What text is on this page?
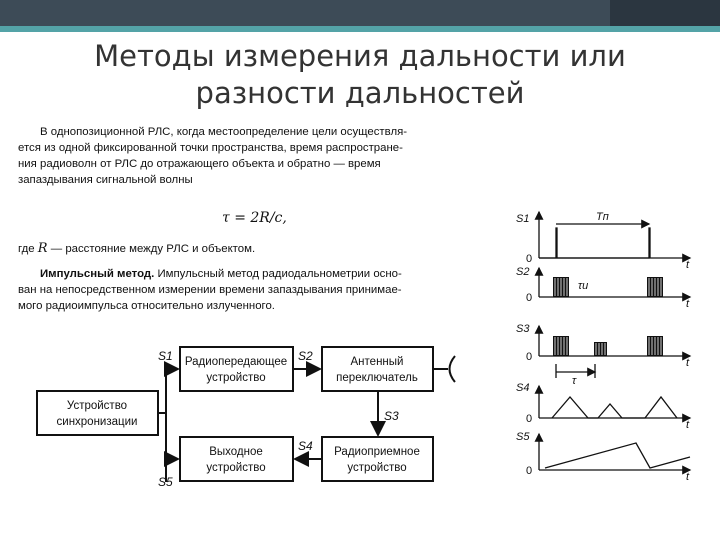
Методы измерения дальности или
разности дальностей
В однопозиционной РЛС, когда местоопределение цели осуществля-
ется из одной фиксированной точки пространства, время распростране-
ния радиоволн от РЛС до отражающего объекта и обратно — время
запаздывания сигнальной волны
τ = 2R/c,
где R — расстояние между РЛС и объектом.
Импульсный метод. Импульсный метод радиодальнометрии осно-
ван на непосредственном измерении времени запаздывания принимае-
мого радиоимпульса относительно излученного.
Устройство
синхронизации
Радиопередающее
устройство
Антенный
переключатель
Выходное
устройство
Радиоприемное
устройство
S1	S2
S3
S4
S5
S1
S2
S3
S4
S5
Tп
τи
τ
t
t
t
t
t
0
0
0
0
0
